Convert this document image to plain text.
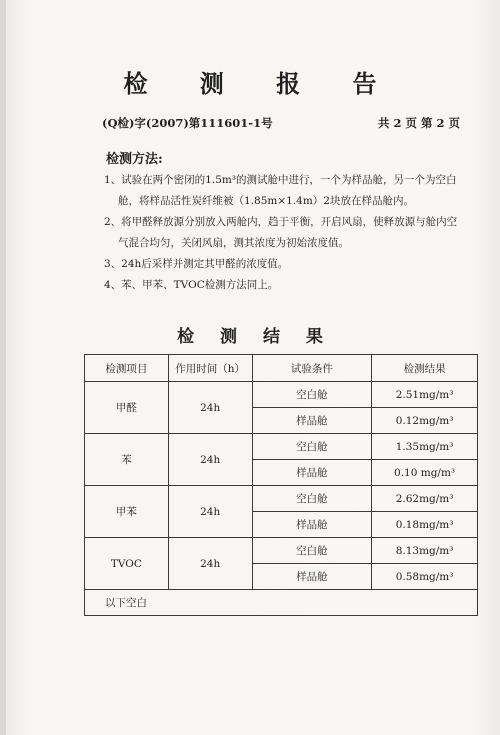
检 测 报 告
(Q检)字(2007)第111601-1号	共 2 页 第 2 页
检测方法:
1、试验在两个密闭的1.5m³的测试舱中进行，一个为样品舱，另一个为空白
舱，将样品活性炭纤维被（1.85m×1.4m）2块放在样品舱内。
2、将甲醛释放源分别放入两舱内，趋于平衡，开启风扇，使释放源与舱内空
气混合均匀，关闭风扇，测其浓度为初始浓度值。
3、24h后采样并测定其甲醛的浓度值。
4、苯、甲苯、TVOC检测方法同上。
检 测 结 果
检测项目	作用时间（h）	试验条件	检测结果
甲醛	24h	空白舱	2.51mg/m³
		样品舱	0.12mg/m³
苯	24h	空白舱	1.35mg/m³
		样品舱	0.10 mg/m³
甲苯	24h	空白舱	2.62mg/m³
		样品舱	0.18mg/m³
TVOC	24h	空白舱	8.13mg/m³
		样品舱	0.58mg/m³
以下空白			
